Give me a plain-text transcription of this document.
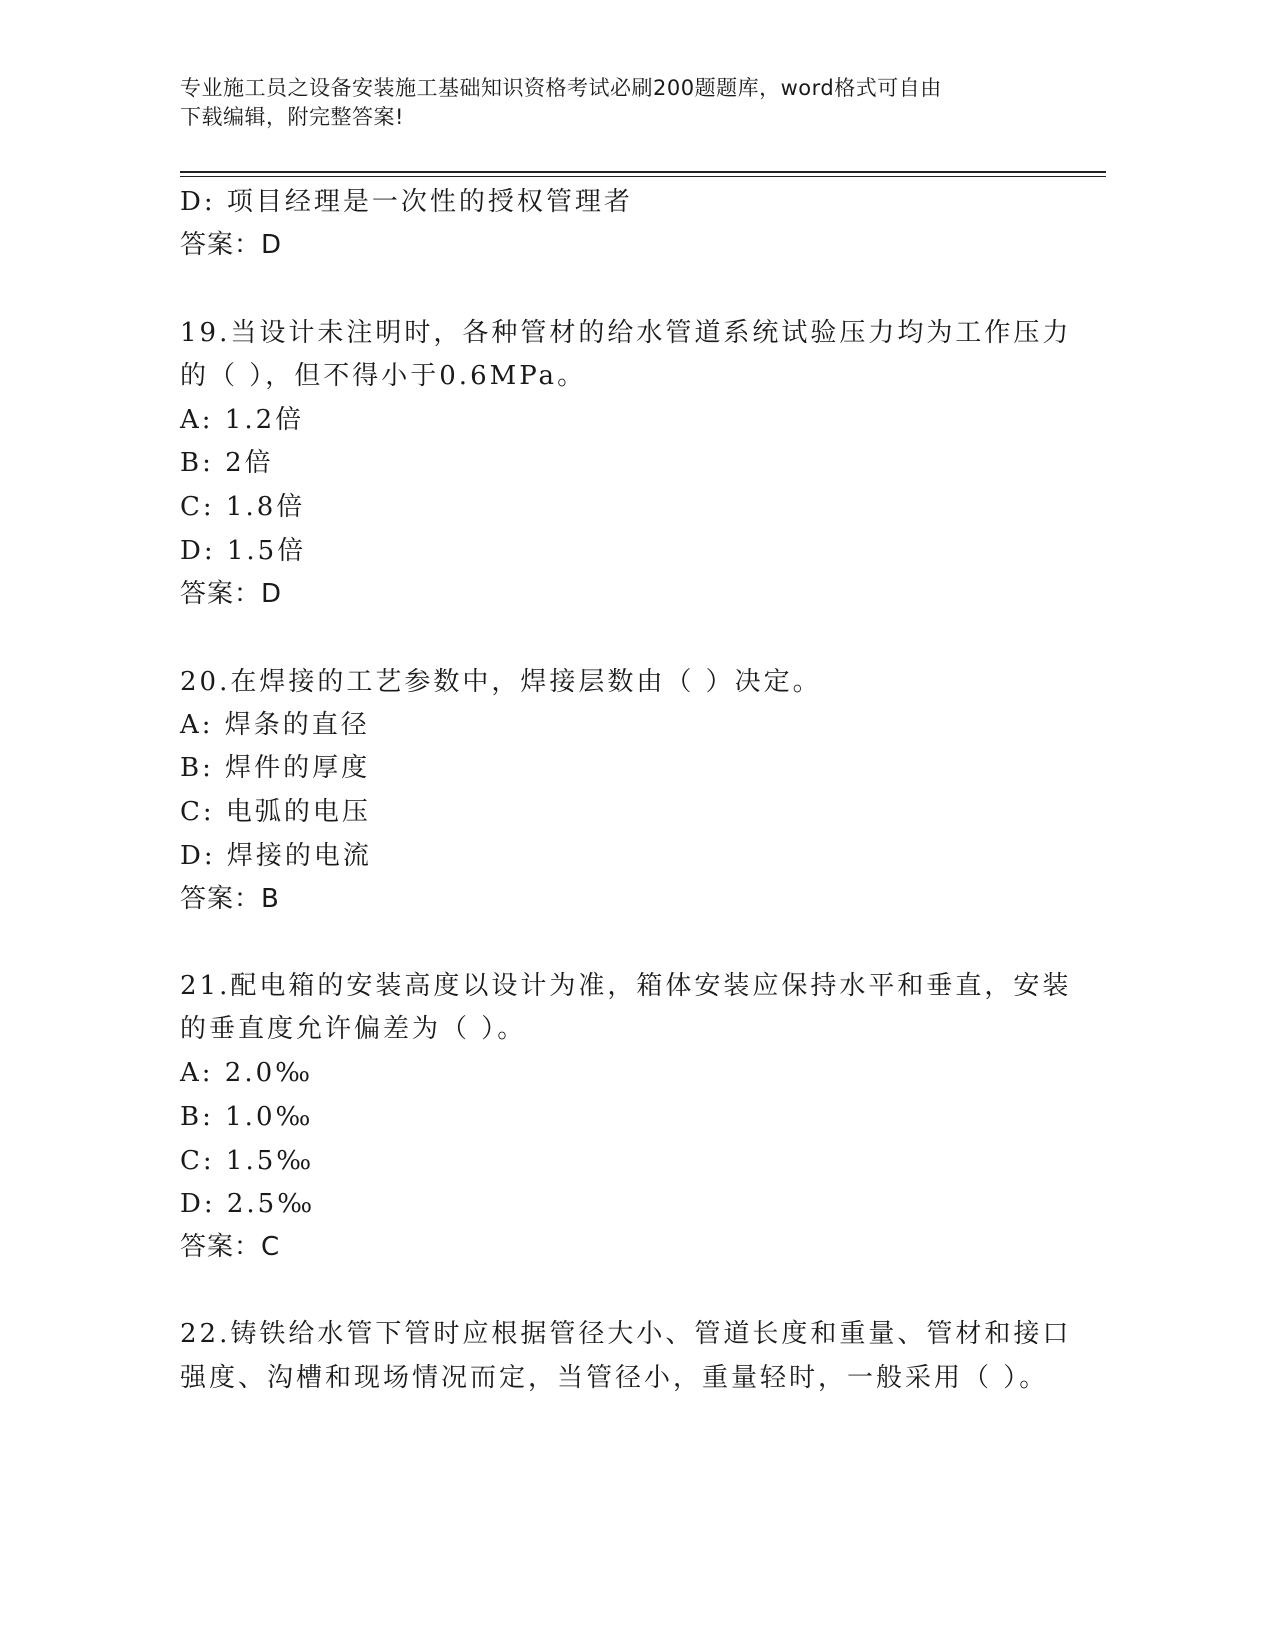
专业施工员之设备安装施工基础知识资格考试必刷200题题库，word格式可自由
下载编辑，附完整答案!
D: 项目经理是一次性的授权管理者
答案：D
19.当设计未注明时，各种管材的给水管道系统试验压力均为工作压力
的（ ），但不得小于0.6MPa。
A: 1.2倍
B: 2倍
C: 1.8倍
D: 1.5倍
答案：D
20.在焊接的工艺参数中，焊接层数由（ ）决定。
A: 焊条的直径
B: 焊件的厚度
C: 电弧的电压
D: 焊接的电流
答案：B
21.配电箱的安装高度以设计为准，箱体安装应保持水平和垂直，安装
的垂直度允许偏差为（ ）。
A: 2.0‰
B: 1.0‰
C: 1.5‰
D: 2.5‰
答案：C
22.铸铁给水管下管时应根据管径大小、管道长度和重量、管材和接口
强度、沟槽和现场情况而定，当管径小，重量轻时，一般采用（ ）。
